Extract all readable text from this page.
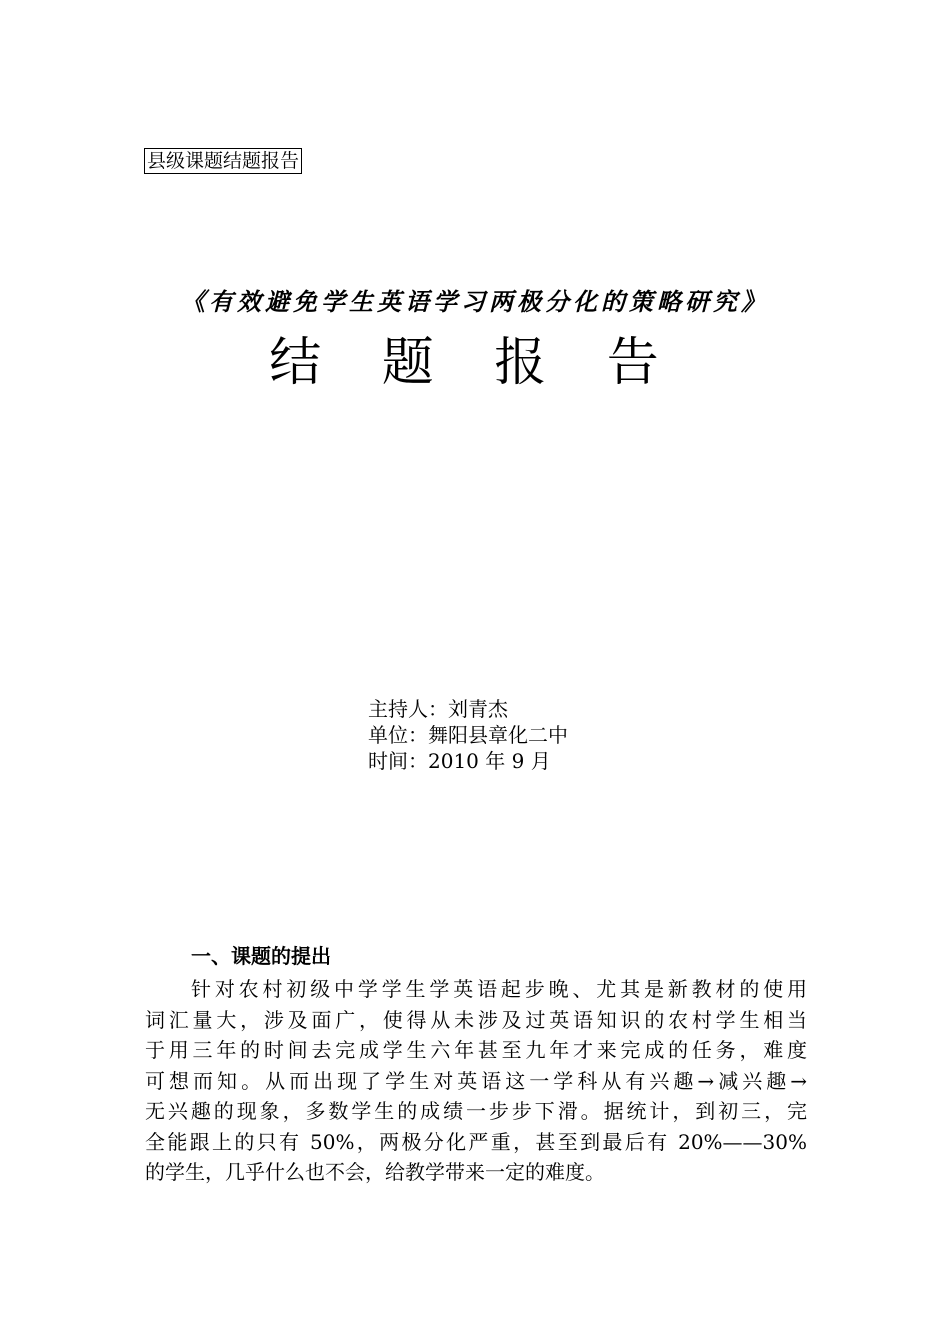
县级课题结题报告
《有效避免学生英语学习两极分化的策略研究》
结 题 报 告
主持人：刘青杰
单位：舞阳县章化二中
时间：2010 年 9 月
一、课题的提出
针对农村初级中学学生学英语起步晚、尤其是新教材的使用
词汇量大，涉及面广，使得从未涉及过英语知识的农村学生相当
于用三年的时间去完成学生六年甚至九年才来完成的任务，难度
可想而知。从而出现了学生对英语这一学科从有兴趣→减兴趣→
无兴趣的现象，多数学生的成绩一步步下滑。据统计，到初三，完
全能跟上的只有 50%，两极分化严重，甚至到最后有 20%——30%
的学生，几乎什么也不会，给教学带来一定的难度。
